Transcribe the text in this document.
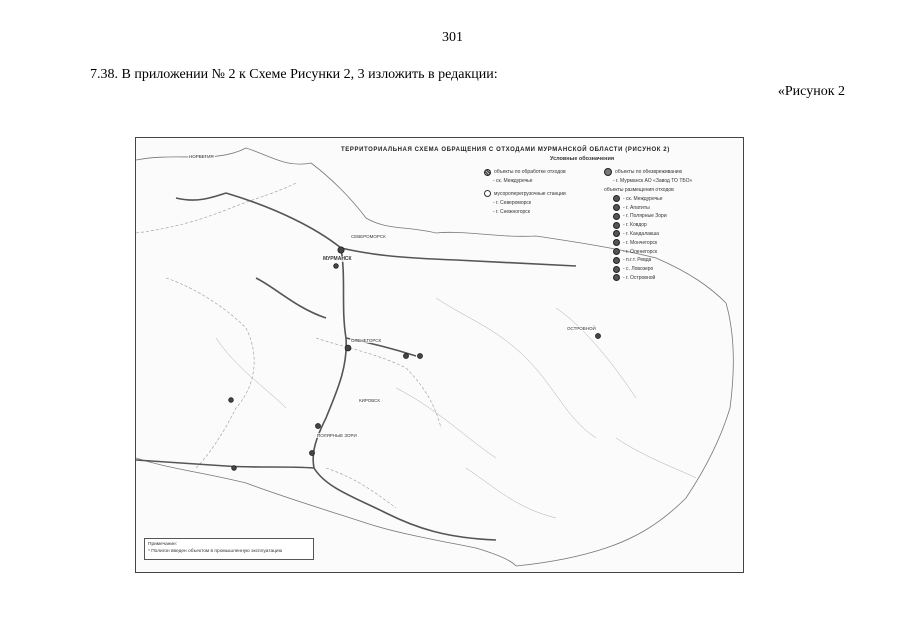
301
7.38. В приложении № 2 к Схеме Рисунки 2, 3 изложить в редакции:
«Рисунок 2
ТЕРРИТОРИАЛЬНАЯ СХЕМА ОБРАЩЕНИЯ С ОТХОДАМИ МУРМАНСКОЙ ОБЛАСТИ (РИСУНОК 2)
Условные обозначения
объекты по обработке отходов
- ск. Междуречье
мусороперегрузочные станции
- г. Североморск
- г. Снежногорск
объекты по обезвреживанию
- г. Мурманск АО «Завод ТО ТБО»
объекты размещения отходов
- ск. Междуречье
- г. Апатиты
- г. Полярные Зори
- г. Ковдор
- г. Кандалакша
- г. Мончегорск
- г. Оленегорск
- п.г.т. Ревда
- с. Ловозеро
- г. Островной
НОРВЕГИЯ
МУРМАНСК
СЕВЕРОМОРСК
ОЛЕНЕГОРСК
КИРОВСК
ПОЛЯРНЫЕ ЗОРИ
ОСТРОВНОЙ
Примечание:
* Полигон введен объектом в промышленную эксплуатацию
